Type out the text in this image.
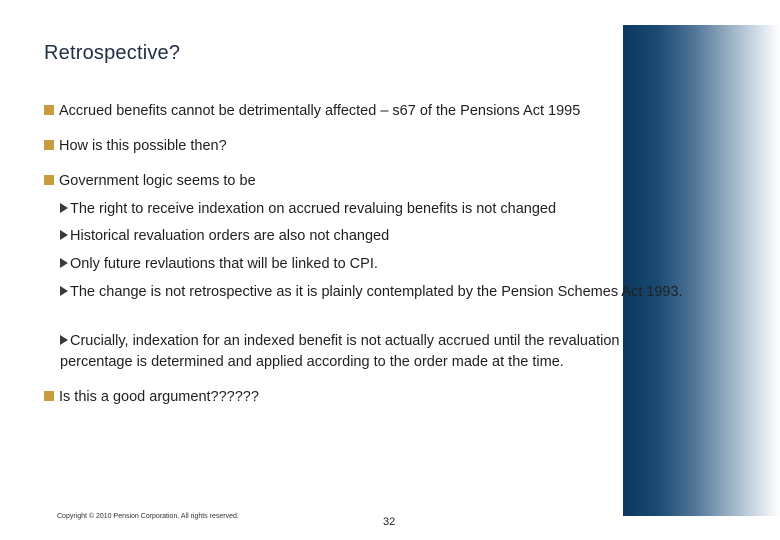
Retrospective?
Accrued benefits cannot be detrimentally affected – s67 of the Pensions Act 1995
How is this possible then?
Government logic seems to be
The right to receive indexation on accrued revaluing benefits is not changed
Historical revaluation orders are also not changed
Only future revlautions that will be linked to CPI.
The change is not retrospective as it is plainly contemplated by the Pension Schemes Act 1993.
Crucially, indexation for an indexed benefit is not actually accrued until the revaluation percentage is determined and applied according to the order made at the time.
Is this a good argument??????
Copyright © 2010 Pension Corporation. All rights reserved.	32
